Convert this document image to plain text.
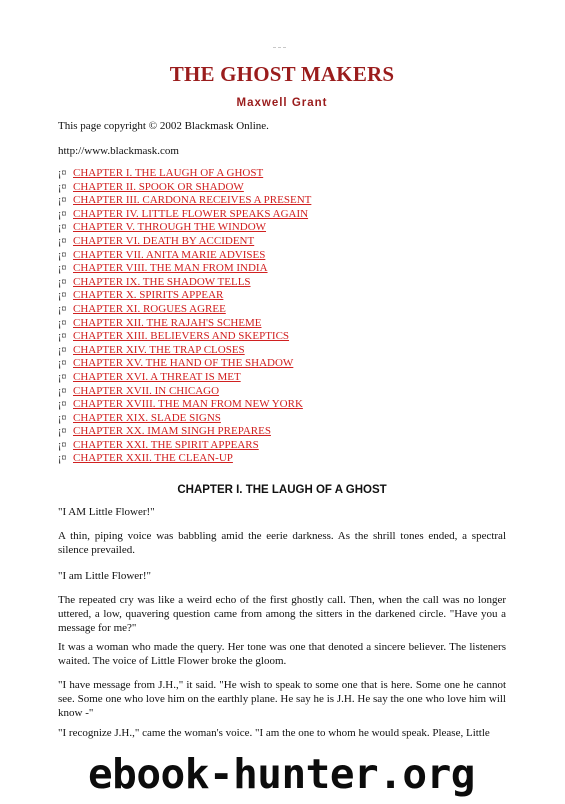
THE GHOST MAKERS
Maxwell Grant
This page copyright © 2002 Blackmask Online.
http://www.blackmask.com
¡¤ CHAPTER I. THE LAUGH OF A GHOST
¡¤ CHAPTER II. SPOOK OR SHADOW
¡¤ CHAPTER III. CARDONA RECEIVES A PRESENT
¡¤ CHAPTER IV. LITTLE FLOWER SPEAKS AGAIN
¡¤ CHAPTER V. THROUGH THE WINDOW
¡¤ CHAPTER VI. DEATH BY ACCIDENT
¡¤ CHAPTER VII. ANITA MARIE ADVISES
¡¤ CHAPTER VIII. THE MAN FROM INDIA
¡¤ CHAPTER IX. THE SHADOW TELLS
¡¤ CHAPTER X. SPIRITS APPEAR
¡¤ CHAPTER XI. ROGUES AGREE
¡¤ CHAPTER XII. THE RAJAH'S SCHEME
¡¤ CHAPTER XIII. BELIEVERS AND SKEPTICS
¡¤ CHAPTER XIV. THE TRAP CLOSES
¡¤ CHAPTER XV. THE HAND OF THE SHADOW
¡¤ CHAPTER XVI. A THREAT IS MET
¡¤ CHAPTER XVII. IN CHICAGO
¡¤ CHAPTER XVIII. THE MAN FROM NEW YORK
¡¤ CHAPTER XIX. SLADE SIGNS
¡¤ CHAPTER XX. IMAM SINGH PREPARES
¡¤ CHAPTER XXI. THE SPIRIT APPEARS
¡¤ CHAPTER XXII. THE CLEAN-UP
CHAPTER I. THE LAUGH OF A GHOST

"I AM Little Flower!"

A thin, piping voice was babbling amid the eerie darkness. As the shrill tones ended, a spectral silence prevailed.

"I am Little Flower!"

The repeated cry was like a weird echo of the first ghostly call. Then, when the call was no longer uttered, a low, quavering question came from among the sitters in the darkened circle. "Have you a message for me?"

It was a woman who made the query. Her tone was one that denoted a sincere believer. The listeners waited. The voice of Little Flower broke the gloom.

"I have message from J.H.," it said. "He wish to speak to some one that is here. Some one he cannot see. Some one who love him on the earthly plane. He say he is J.H. He say the one who love him will know -"

"I recognize J.H.," came the woman's voice. "I am the one to whom he would speak. Please, Little

ebook-hunter.org
